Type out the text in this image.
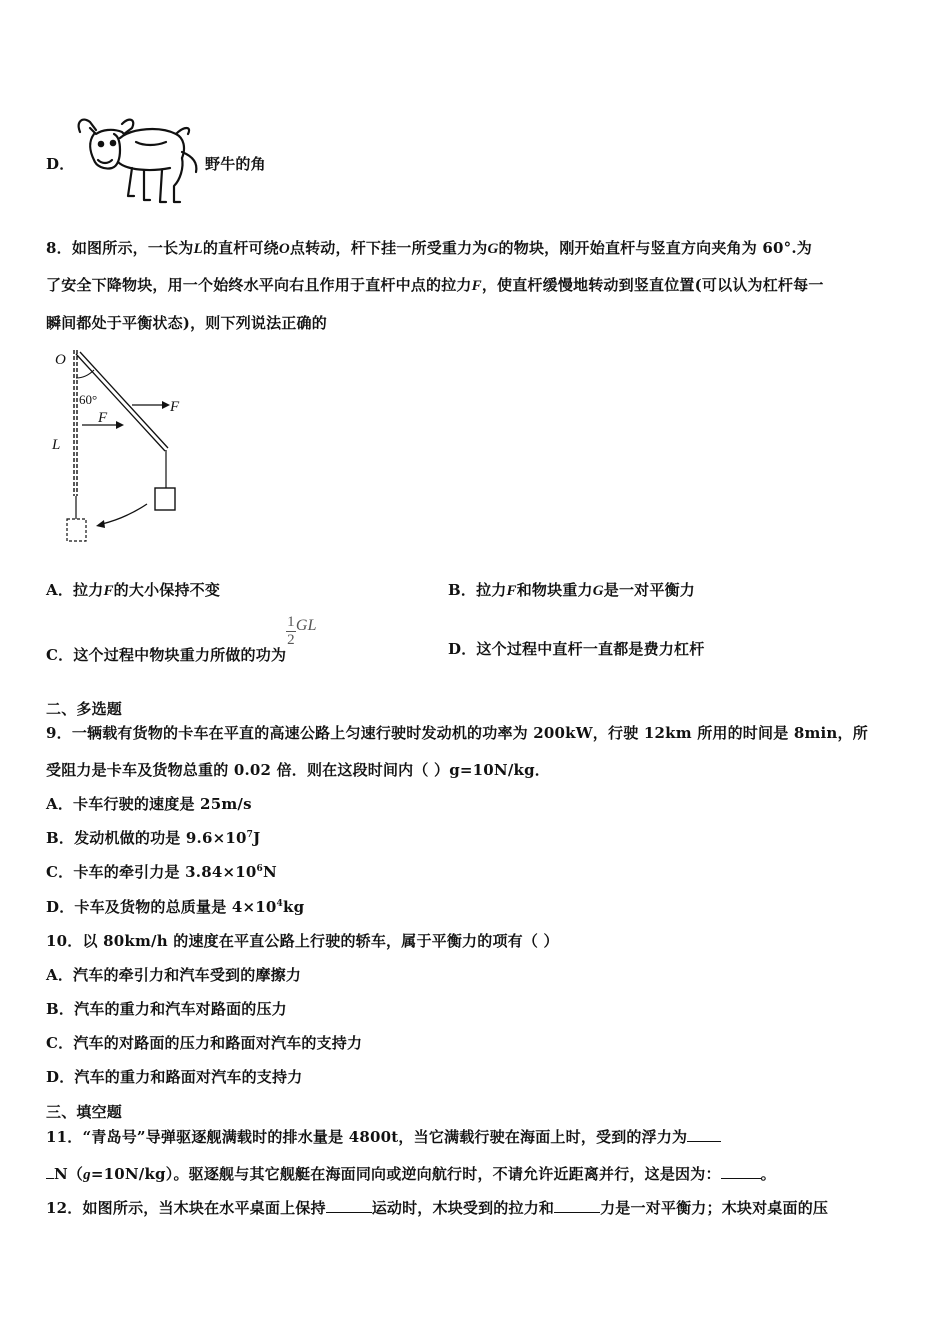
D．	野牛的角
8．如图所示，一长为L的直杆可绕O点转动，杆下挂一所受重力为G的物块，刚开始直杆与竖直方向夹角为 60°.为
了安全下降物块，用一个始终水平向右且作用于直杆中点的拉力F，使直杆缓慢地转动到竖直位置(可以认为杠杆每一
瞬间都处于平衡状态)，则下列说法正确的
O
60°	F
F
L
A．拉力F的大小保持不变	B．拉力F和物块重力G是一对平衡力
C．这个过程中物块重力所做的功为
$\frac{1}{2}$ GL
D．这个过程中直杆一直都是费力杠杆
二、多选题
9．一辆载有货物的卡车在平直的高速公路上匀速行驶时发动机的功率为 200kW，行驶 12km 所用的时间是 8min，所
受阻力是卡车及货物总重的 0.02 倍．则在这段时间内（ ）g=10N/kg．
A．卡车行驶的速度是 25m/s
B．发动机做的功是 $9.6\times 10^7J$
C．卡车的牵引力是 $3.84\times 10^6N$
D．卡车及货物的总质量是 $4\times 10^4kg$
10．以 80km/h 的速度在平直公路上行驶的轿车，属于平衡力的项有（ ）
A．汽车的牵引力和汽车受到的摩擦力
B．汽车的重力和汽车对路面的压力
C．汽车的对路面的压力和路面对汽车的支持力
D．汽车的重力和路面对汽车的支持力
三、填空题
11．“青岛号”导弹驱逐舰满载时的排水量是 4800t，当它满载行驶在海面上时，受到的浮力为
N（g=10N/kg）。驱逐舰与其它舰艇在海面同向或逆向航行时，不请允许近距离并行，这是因为：	。
12．如图所示，当木块在水平桌面上保持	运动时，木块受到的拉力和	力是一对平衡力；木块对桌面的压
